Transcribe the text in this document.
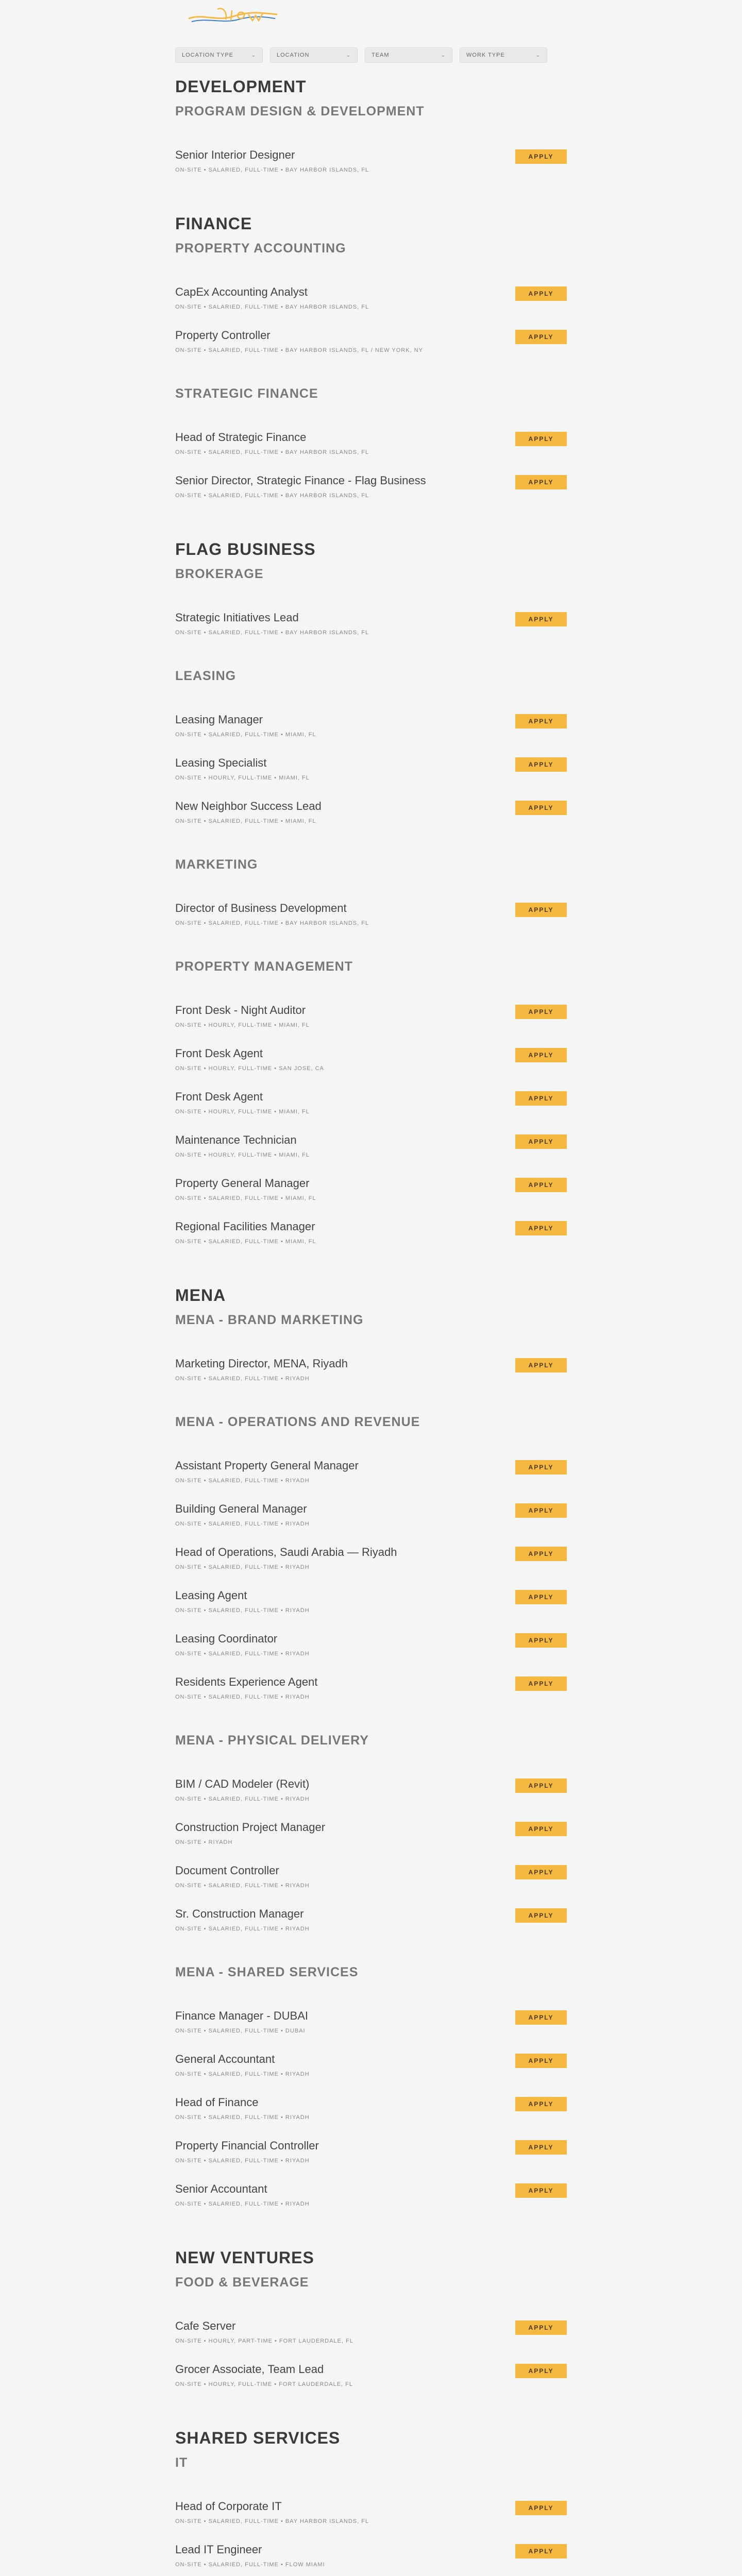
LOCATION TYPE	⌄	LOCATION	⌄	TEAM	⌄	WORK TYPE	⌄
DEVELOPMENT
PROGRAM DESIGN & DEVELOPMENT
Senior Interior Designer
ON-SITE • SALARIED, FULL-TIME • BAY HARBOR ISLANDS, FL
APPLY
FINANCE
PROPERTY ACCOUNTING
CapEx Accounting Analyst
ON-SITE • SALARIED, FULL-TIME • BAY HARBOR ISLANDS, FL
APPLY
Property Controller
ON-SITE • SALARIED, FULL-TIME • BAY HARBOR ISLANDS, FL / NEW YORK, NY
APPLY
STRATEGIC FINANCE
Head of Strategic Finance
ON-SITE • SALARIED, FULL-TIME • BAY HARBOR ISLANDS, FL
APPLY
Senior Director, Strategic Finance - Flag Business
ON-SITE • SALARIED, FULL-TIME • BAY HARBOR ISLANDS, FL
APPLY
FLAG BUSINESS
BROKERAGE
Strategic Initiatives Lead
ON-SITE • SALARIED, FULL-TIME • BAY HARBOR ISLANDS, FL
APPLY
LEASING
Leasing Manager
ON-SITE • SALARIED, FULL-TIME • MIAMI, FL
APPLY
Leasing Specialist
ON-SITE • HOURLY, FULL-TIME • MIAMI, FL
APPLY
New Neighbor Success Lead
ON-SITE • SALARIED, FULL-TIME • MIAMI, FL
APPLY
MARKETING
Director of Business Development
ON-SITE • SALARIED, FULL-TIME • BAY HARBOR ISLANDS, FL
APPLY
PROPERTY MANAGEMENT
Front Desk - Night Auditor
ON-SITE • HOURLY, FULL-TIME • MIAMI, FL
APPLY
Front Desk Agent
ON-SITE • HOURLY, FULL-TIME • SAN JOSE, CA
APPLY
Front Desk Agent
ON-SITE • HOURLY, FULL-TIME • MIAMI, FL
APPLY
Maintenance Technician
ON-SITE • HOURLY, FULL-TIME • MIAMI, FL
APPLY
Property General Manager
ON-SITE • SALARIED, FULL-TIME • MIAMI, FL
APPLY
Regional Facilities Manager
ON-SITE • SALARIED, FULL-TIME • MIAMI, FL
APPLY
MENA
MENA - BRAND MARKETING
Marketing Director, MENA, Riyadh
ON-SITE • SALARIED, FULL-TIME • RIYADH
APPLY
MENA - OPERATIONS AND REVENUE
Assistant Property General Manager
ON-SITE • SALARIED, FULL-TIME • RIYADH
APPLY
Building General Manager
ON-SITE • SALARIED, FULL-TIME • RIYADH
APPLY
Head of Operations, Saudi Arabia — Riyadh
ON-SITE • SALARIED, FULL-TIME • RIYADH
APPLY
Leasing Agent
ON-SITE • SALARIED, FULL-TIME • RIYADH
APPLY
Leasing Coordinator
ON-SITE • SALARIED, FULL-TIME • RIYADH
APPLY
Residents Experience Agent
ON-SITE • SALARIED, FULL-TIME • RIYADH
APPLY
MENA - PHYSICAL DELIVERY
BIM / CAD Modeler (Revit)
ON-SITE • SALARIED, FULL-TIME • RIYADH
APPLY
Construction Project Manager
ON-SITE • RIYADH
APPLY
Document Controller
ON-SITE • SALARIED, FULL-TIME • RIYADH
APPLY
Sr. Construction Manager
ON-SITE • SALARIED, FULL-TIME • RIYADH
APPLY
MENA - SHARED SERVICES
Finance Manager - DUBAI
ON-SITE • SALARIED, FULL-TIME • DUBAI
APPLY
General Accountant
ON-SITE • SALARIED, FULL-TIME • RIYADH
APPLY
Head of Finance
ON-SITE • SALARIED, FULL-TIME • RIYADH
APPLY
Property Financial Controller
ON-SITE • SALARIED, FULL-TIME • RIYADH
APPLY
Senior Accountant
ON-SITE • SALARIED, FULL-TIME • RIYADH
APPLY
NEW VENTURES
FOOD & BEVERAGE
Cafe Server
ON-SITE • HOURLY, PART-TIME • FORT LAUDERDALE, FL
APPLY
Grocer Associate, Team Lead
ON-SITE • HOURLY, FULL-TIME • FORT LAUDERDALE, FL
APPLY
SHARED SERVICES
IT
Head of Corporate IT
ON-SITE • SALARIED, FULL-TIME • BAY HARBOR ISLANDS, FL
APPLY
Lead IT Engineer
ON-SITE • SALARIED, FULL-TIME • FLOW MIAMI
APPLY
